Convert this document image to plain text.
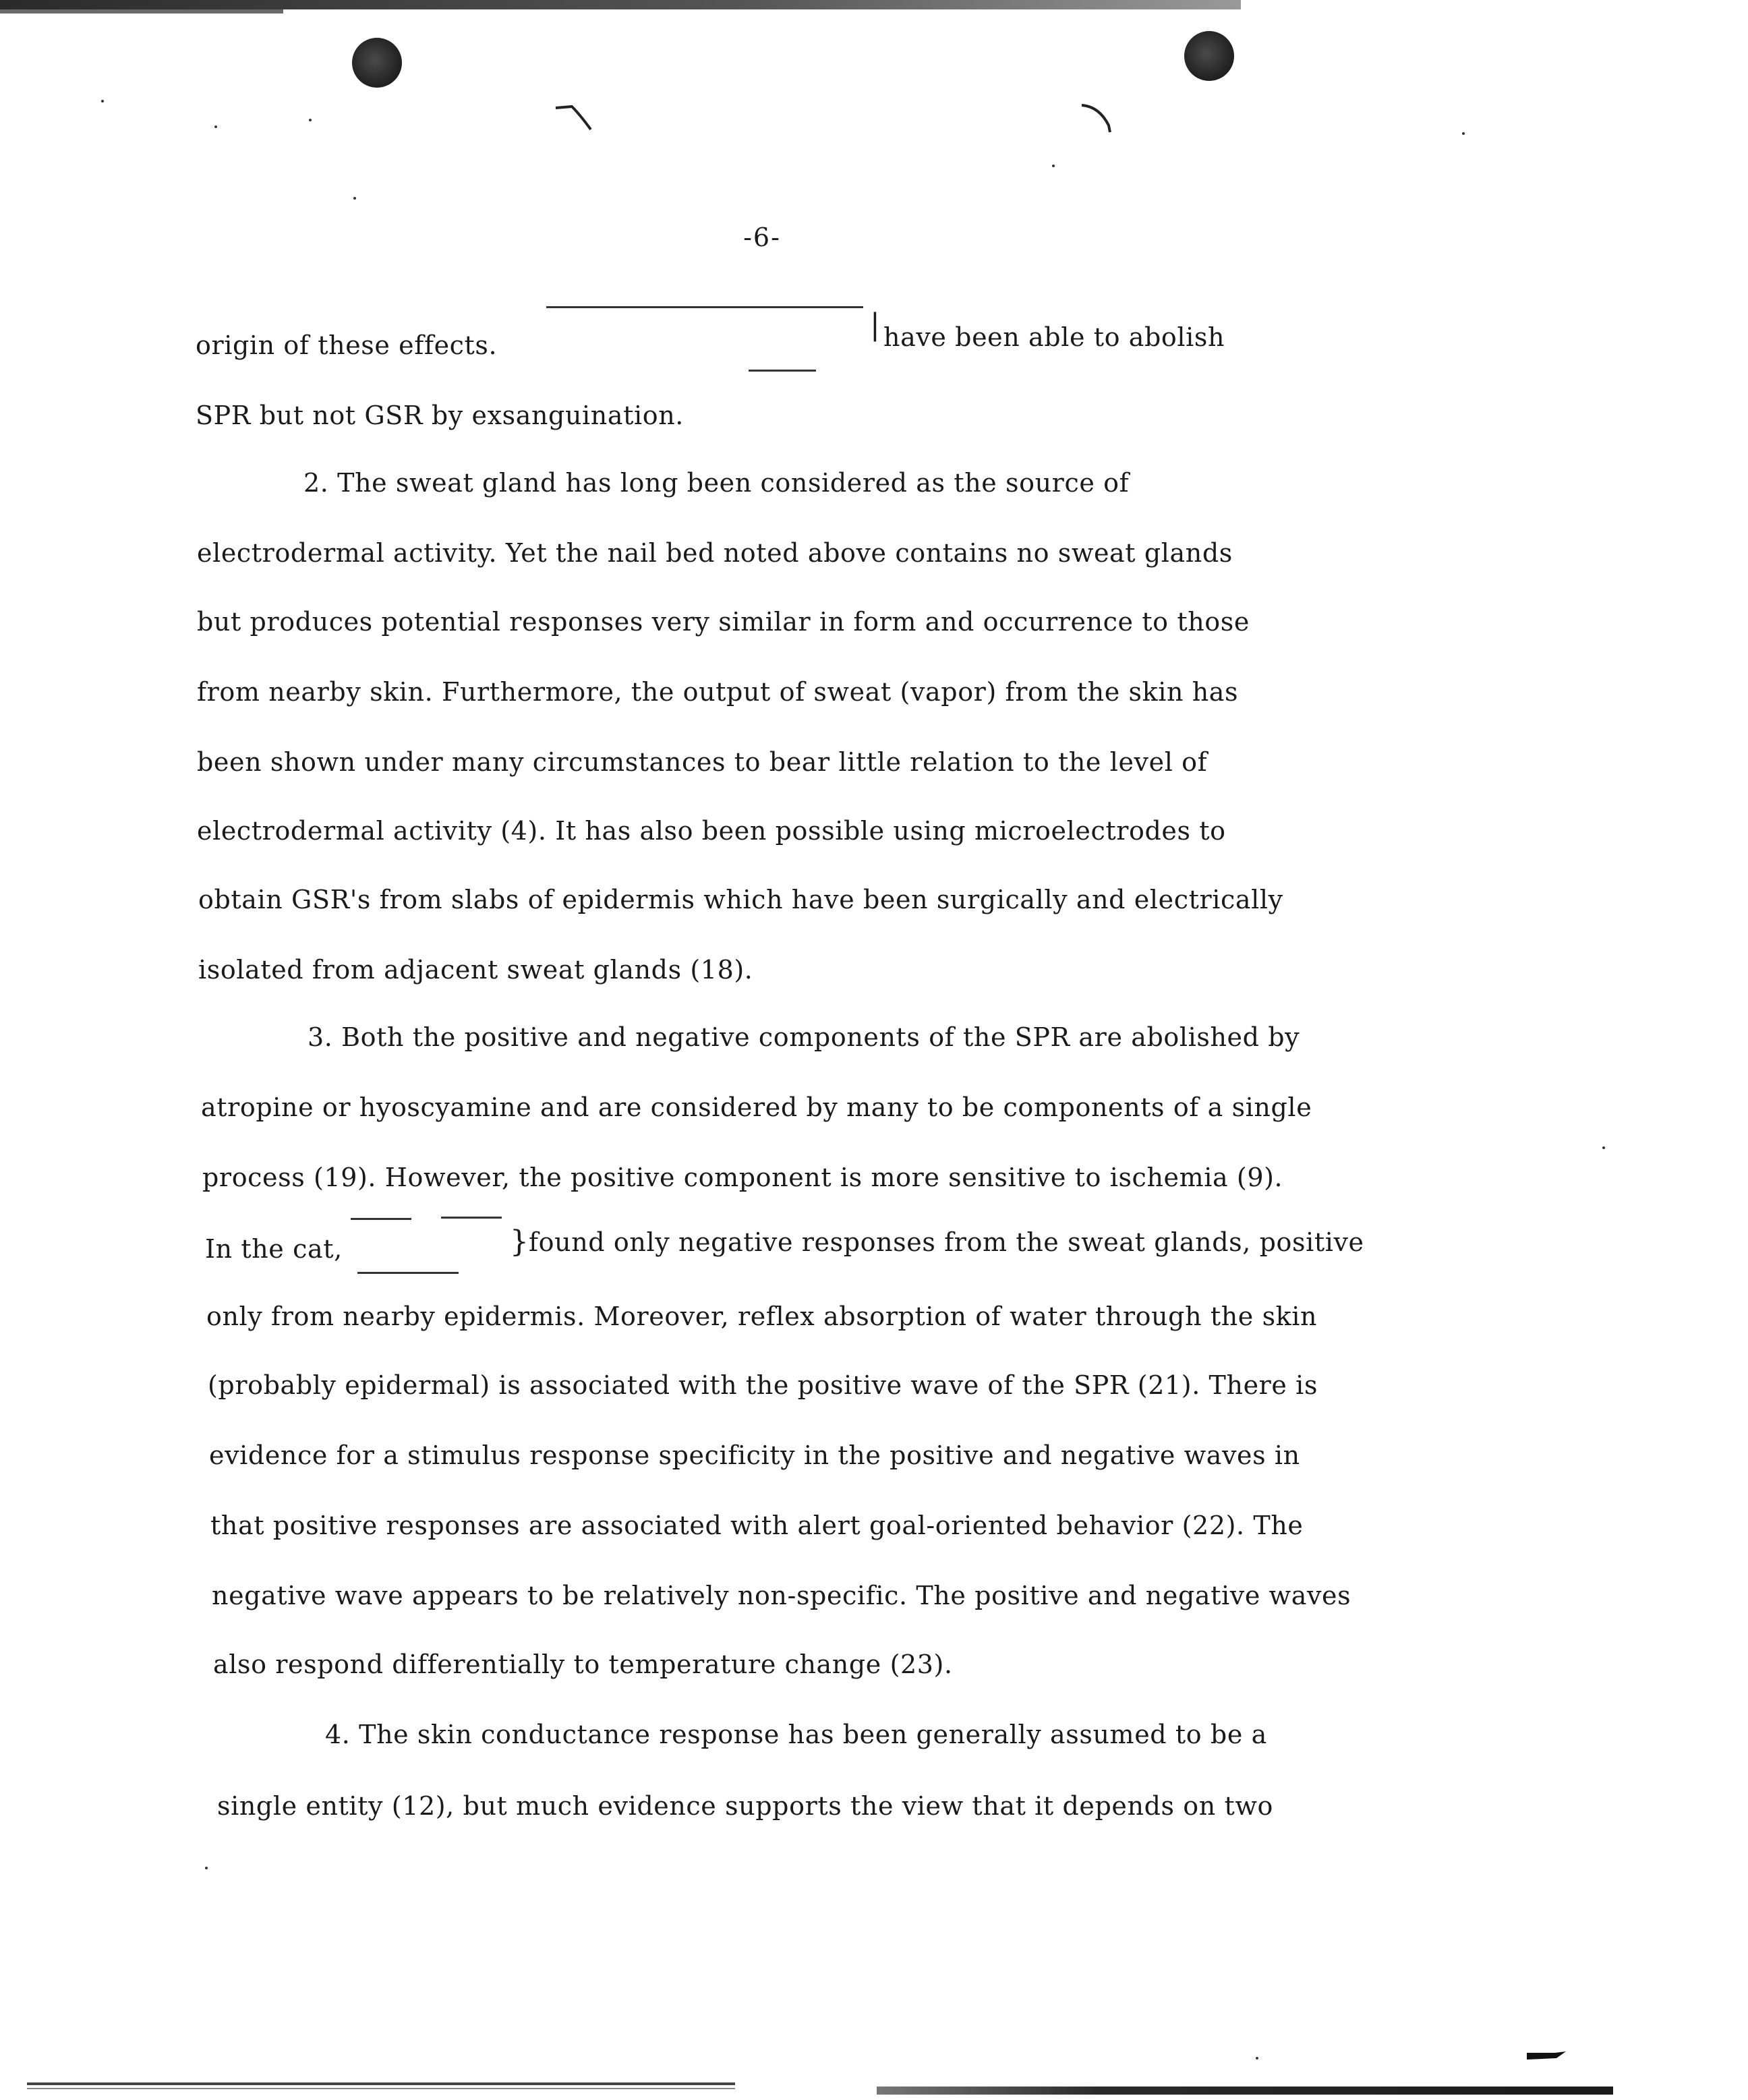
-6-
origin of these effects.
| have been able to abolish
SPR but not GSR by exsanguination.
2. The sweat gland has long been considered as the source of
electrodermal activity. Yet the nail bed noted above contains no sweat glands
but produces potential responses very similar in form and occurrence to those
from nearby skin. Furthermore, the output of sweat (vapor) from the skin has
been shown under many circumstances to bear little relation to the level of
electrodermal activity (4). It has also been possible using microelectrodes to
obtain GSR's from slabs of epidermis which have been surgically and electrically
isolated from adjacent sweat glands (18).
3. Both the positive and negative components of the SPR are abolished by
atropine or hyoscyamine and are considered by many to be components of a single
process (19). However, the positive component is more sensitive to ischemia (9).
In the cat,	} found only negative responses from the sweat glands, positive
only from nearby epidermis. Moreover, reflex absorption of water through the skin
(probably epidermal) is associated with the positive wave of the SPR (21). There is
evidence for a stimulus response specificity in the positive and negative waves in
that positive responses are associated with alert goal-oriented behavior (22). The
negative wave appears to be relatively non-specific. The positive and negative waves
also respond differentially to temperature change (23).
4. The skin conductance response has been generally assumed to be a
single entity (12), but much evidence supports the view that it depends on two
